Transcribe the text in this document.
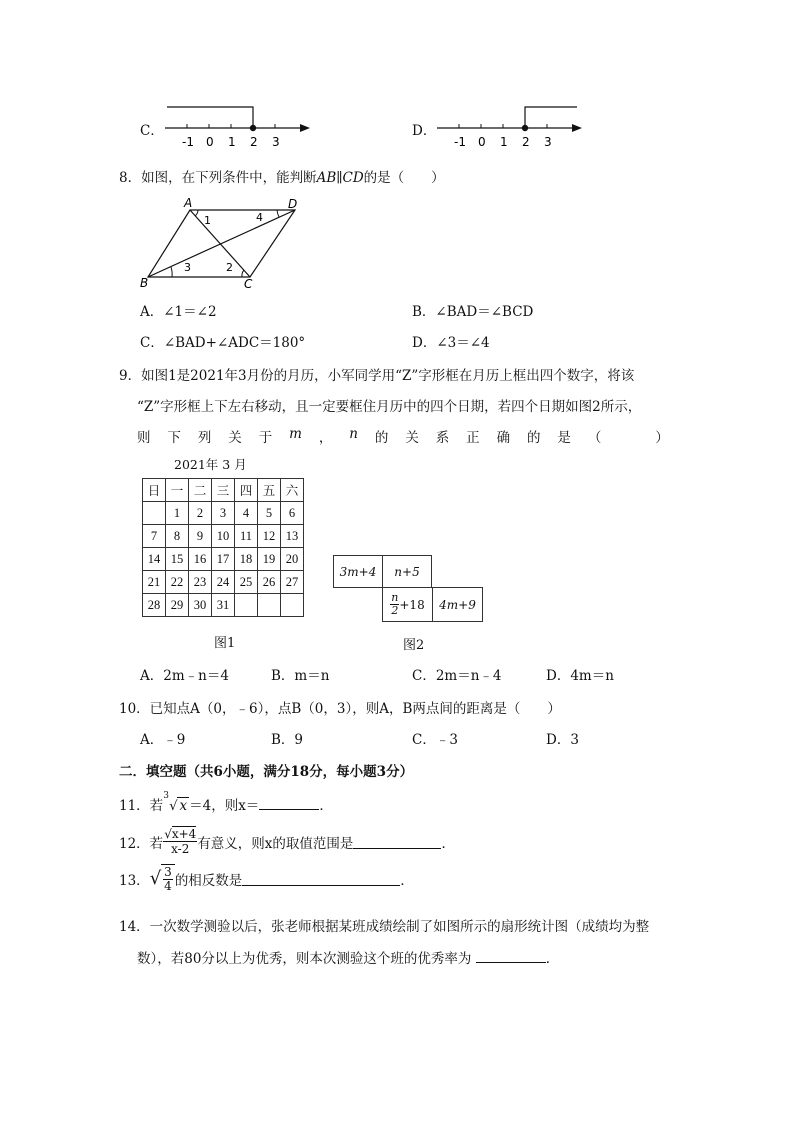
C．
-1 0 1 2 3
D．
-1 0 1 2 3
8．如图，在下列条件中，能判断AB∥CD的是（　　）
A	D
B	C
1	4
3	2
A．∠1＝∠2	B．∠BAD＝∠BCD
C．∠BAD+∠ADC＝180°	D．∠3＝∠4
9．如图1是2021年3月份的月历，小军同学用“Z”字形框在月历上框出四个数字，将该
“Z”字形框上下左右移动，且一定要框住月历中的四个日期，若四个日期如图2所示，
则 下 列 关 于 m ， n 的 关 系 正 确 的 是 （　　　　）
2021年 3 月
日	一	二	三	四	五	六
	1	2	3	4	5	6
7	8	9	10	11	12	13
14	15	16	17	18	19	20
21	22	23	24	25	26	27
28	29	30	31			
图1
3m+4 n+5
$\frac{n}{2} +18$ 4m+9
图2
A．2m﹣n＝4	B．m＝n	C．2m＝n﹣4	D．4m＝n
10．已知点A（0，﹣6），点B（0，3），则A，B两点间的距离是（　　）
A．﹣9	B．9	C．﹣3	D．3
二．填空题（共6小题，满分18分，每小题3分）
11．若
3
√ x ＝4，则x＝	．
12．若 $\frac{√x+4}{x-2}$ 有意义，则x的取值范围是	．
13． √ $\frac{3}{4}$ 的相反数是	．
14．一次数学测验以后，张老师根据某班成绩绘制了如图所示的扇形统计图（成绩均为整
数），若80分以上为优秀，则本次测验这个班的优秀率为	．
